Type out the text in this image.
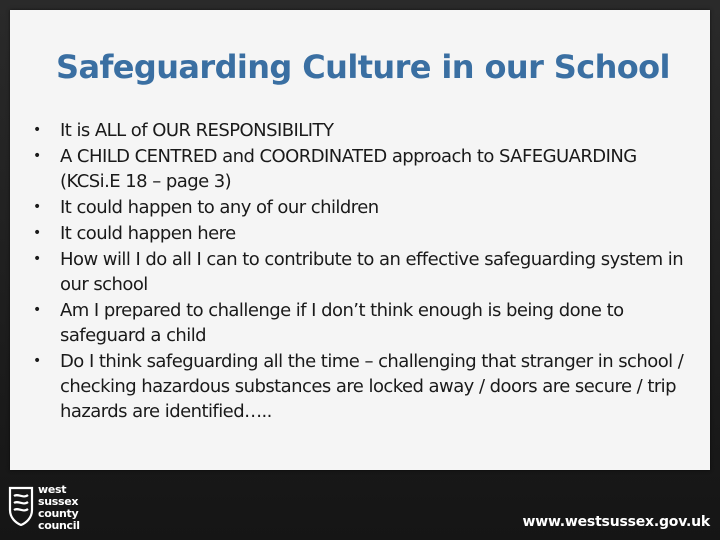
Safeguarding Culture in our School
• It is ALL of OUR RESPONSIBILITY
• A CHILD CENTRED and COORDINATED approach to SAFEGUARDING (KCSi.E 18 – page 3)
• It could happen to any of our children
• It could happen here
• How will I do all I can to contribute to an effective safeguarding system in our school
• Am I prepared to challenge if I don’t think enough is being done to safeguard a child
• Do I think safeguarding all the time – challenging that stranger in school / checking hazardous substances are locked away / doors are secure / trip hazards are identified…..
west
sussex
county
council	www.westsussex.gov.uk
